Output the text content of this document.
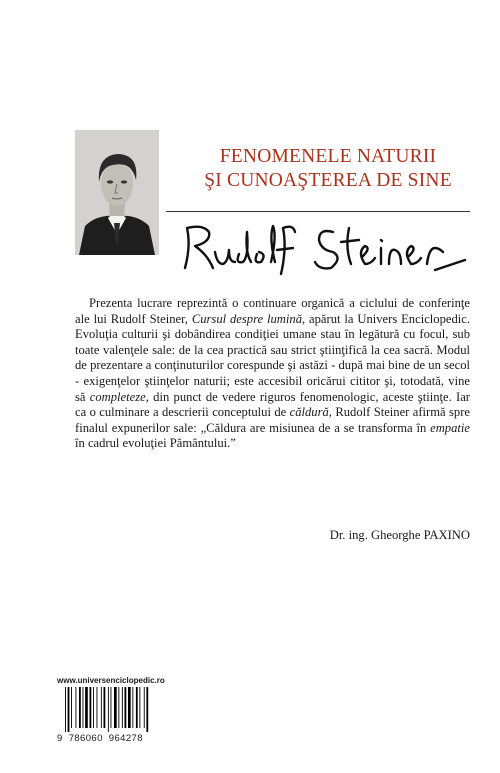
FENOMENELE NATURII
ŞI CUNOAŞTEREA DE SINE

Prezenta lucrare reprezintă o continuare organică a ciclului de conferinţe ale lui Rudolf Steiner, Cursul despre lumină, apărut la Univers Enciclopedic. Evoluţia culturii şi dobândirea condiţiei umane stau în legătură cu focul, sub toate valenţele sale: de la cea practică sau strict ştiinţifică la cea sacră. Modul de prezentare a conţinuturilor corespunde şi astăzi - după mai bine de un secol - exigenţelor ştiinţelor naturii; este accesibil oricărui cititor şi, totodată, vine să completeze, din punct de vedere riguros fenomenologic, aceste ştiinţe. Iar ca o culminare a descrierii conceptului de căldură, Rudolf Steiner afirmă spre finalul expunerilor sale: „Căldura are misiunea de a se transforma în empatie în cadrul evoluţiei Pământului.”

Dr. ing. Gheorghe PAXINO

www.universenciclopedic.ro
9 786060 964278
